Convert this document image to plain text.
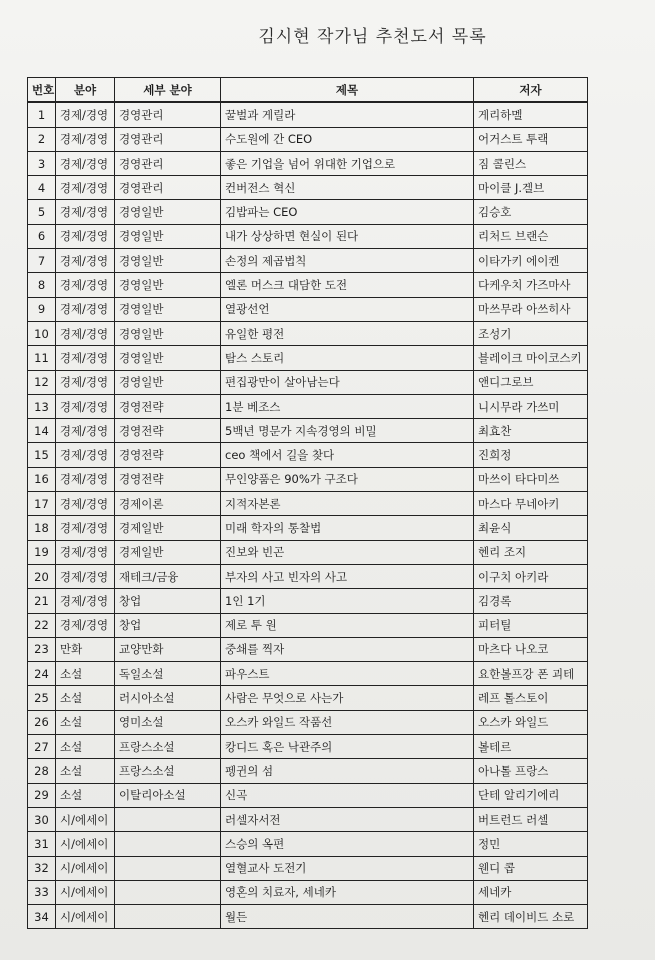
김시현 작가님 추천도서 목록
번호	분야	세부 분야	제목	저자
1	경제/경영	경영관리	꿀벌과 게릴라	게리하멜
2	경제/경영	경영관리	수도원에 간 CEO	어거스트 투랙
3	경제/경영	경영관리	좋은 기업을 넘어 위대한 기업으로	짐 콜린스
4	경제/경영	경영관리	컨버전스 혁신	마이클 J.겔브
5	경제/경영	경영일반	김밥파는 CEO	김승호
6	경제/경영	경영일반	내가 상상하면 현실이 된다	리처드 브랜슨
7	경제/경영	경영일반	손정의 제곱법칙	이타가키 에이켄
8	경제/경영	경영일반	엘론 머스크 대담한 도전	다케우치 가즈마사
9	경제/경영	경영일반	열광선언	마쓰무라 아쓰히사
10	경제/경영	경영일반	유일한 평전	조성기
11	경제/경영	경영일반	탐스 스토리	블레이크 마이코스키
12	경제/경영	경영일반	편집광만이 살아남는다	앤디그로브
13	경제/경영	경영전략	1분 베조스	니시무라 가쓰미
14	경제/경영	경영전략	5백년 명문가 지속경영의 비밀	최효찬
15	경제/경영	경영전략	ceo 책에서 길을 찾다	진희정
16	경제/경영	경영전략	무인양품은 90%가 구조다	마쓰이 타다미쓰
17	경제/경영	경제이론	지적자본론	마스다 무네아키
18	경제/경영	경제일반	미래 학자의 통찰법	최윤식
19	경제/경영	경제일반	진보와 빈곤	헨리 조지
20	경제/경영	재테크/금융	부자의 사고 빈자의 사고	이구치 아키라
21	경제/경영	창업	1인 1기	김경록
22	경제/경영	창업	제로 투 원	피터틸
23	만화	교양만화	중쇄를 찍자	마츠다 나오코
24	소설	독일소설	파우스트	요한볼프강 폰 괴테
25	소설	러시아소설	사람은 무엇으로 사는가	레프 톨스토이
26	소설	영미소설	오스카 와일드 작품선	오스카 와일드
27	소설	프랑스소설	캉디드 혹은 낙관주의	볼테르
28	소설	프랑스소설	펭귄의 섬	아나톨 프랑스
29	소설	이탈리아소설	신곡	단테 알리기에리
30	시/에세이		러셀자서전	버트런드 러셀
31	시/에세이		스승의 옥편	정민
32	시/에세이		열혈교사 도전기	웬디 콥
33	시/에세이		영혼의 치료자, 세네카	세네카
34	시/에세이		월든	헨리 데이비드 소로
